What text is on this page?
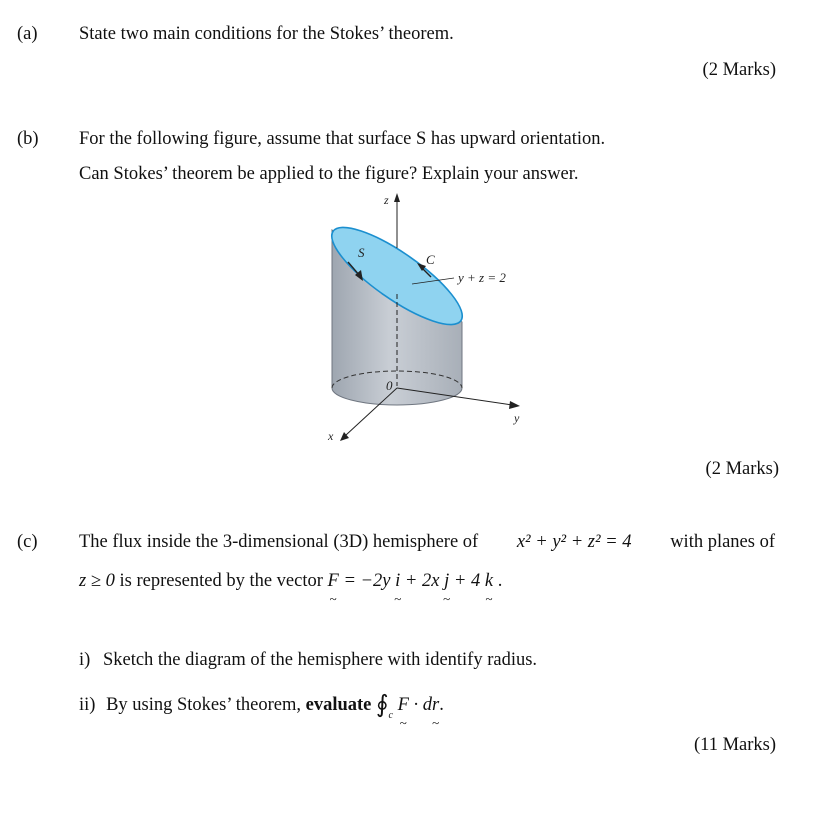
(a) State two main conditions for the Stokes’ theorem.
(2 Marks)
(b) For the following figure, assume that surface S has upward orientation.
Can Stokes’ theorem be applied to the figure? Explain your answer.
z
y
x
0
S	C
y + z = 2
(2 Marks)
(c) The flux inside the 3-dimensional (3D) hemisphere of x² + y² + z² = 4 with planes of
z ≥ 0 is represented by the vector F ~ = −2y i ~ + 2x j ~ + 4 k ~ .
i) Sketch the diagram of the hemisphere with identify radius.
ii) By using Stokes’ theorem, evaluate $∮_c$ F ~ · dr ~.
(11 Marks)
